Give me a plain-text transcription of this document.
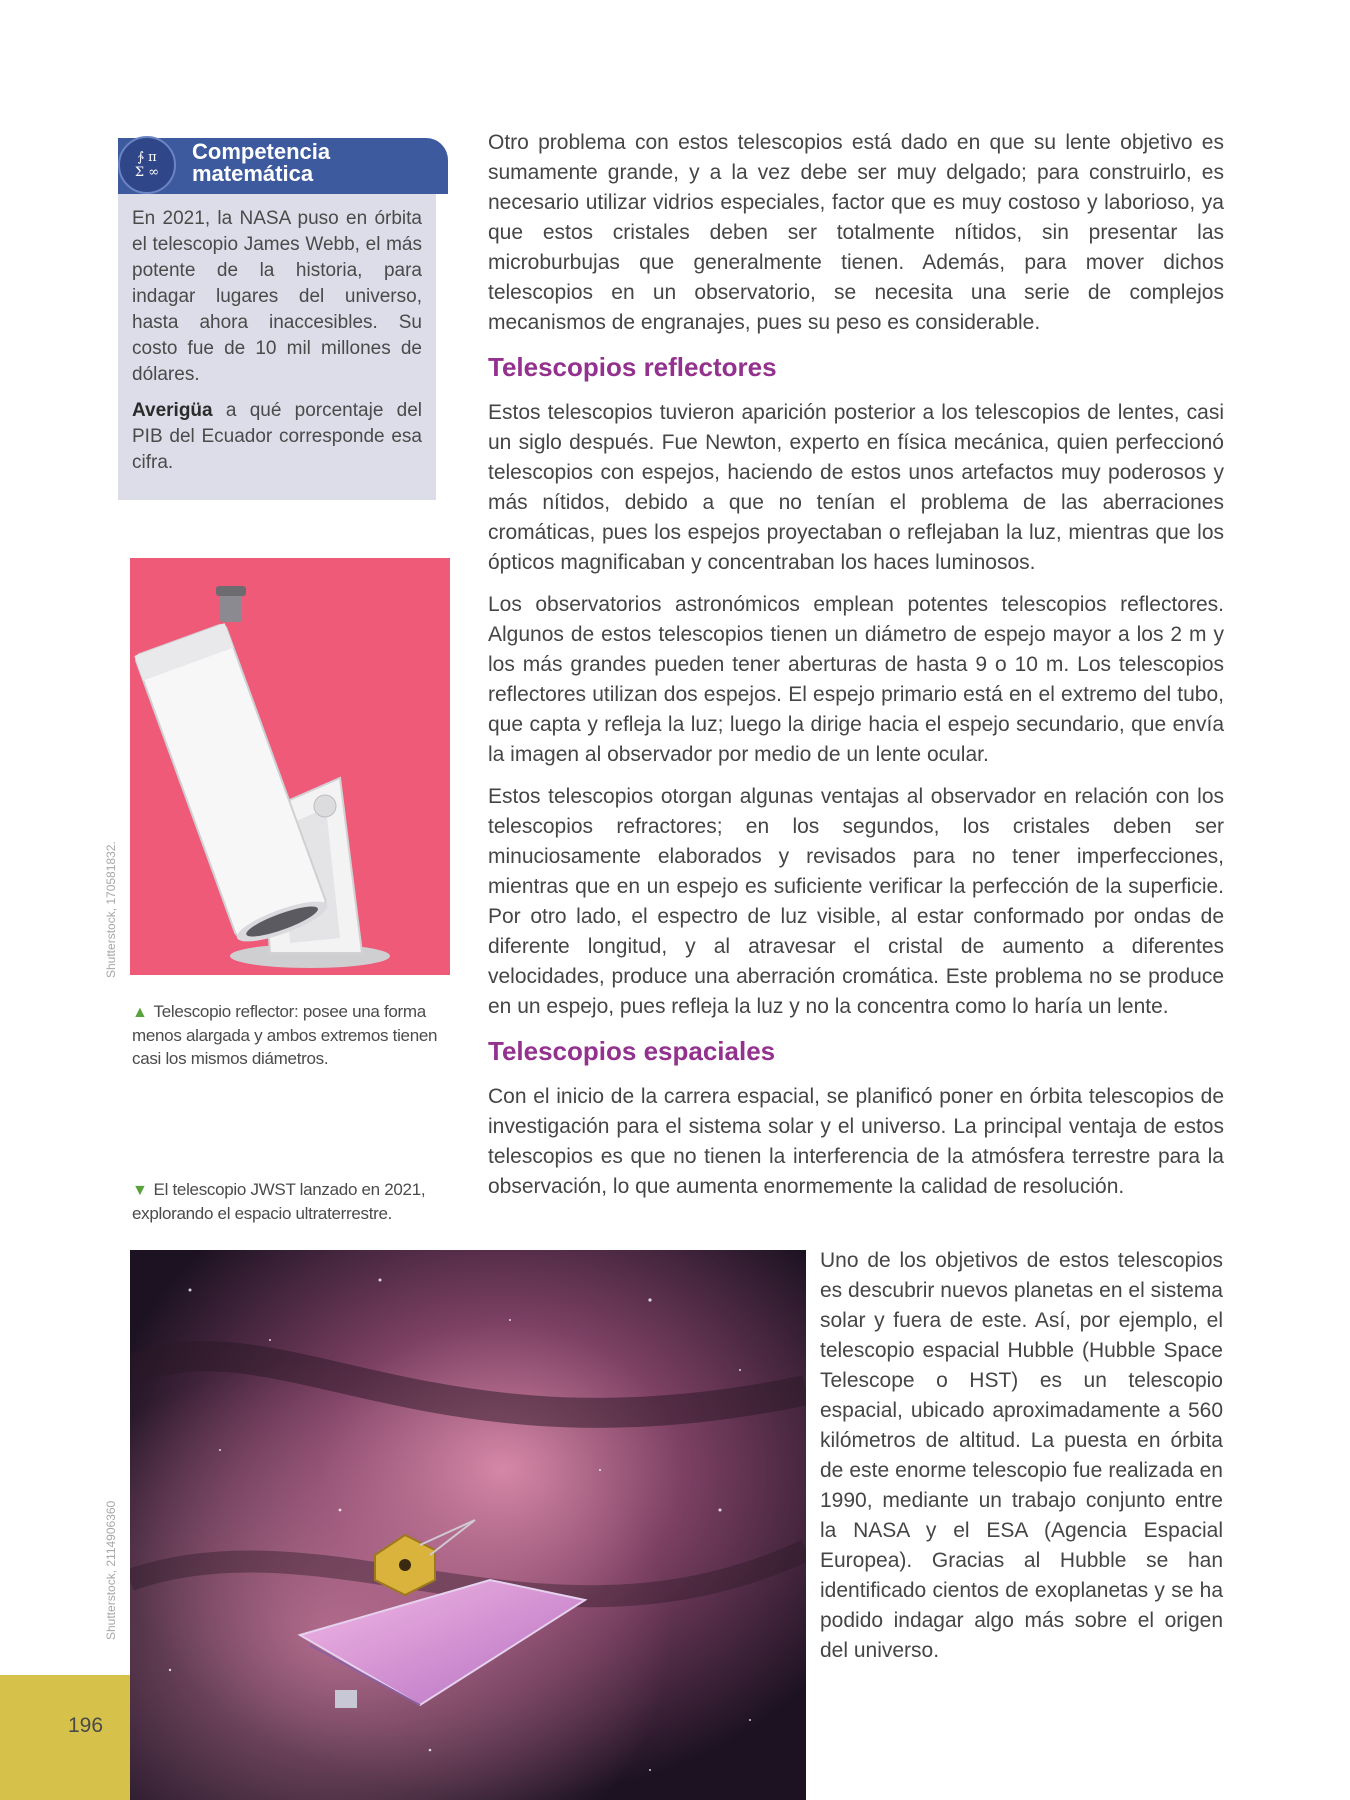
∱ π
Σ ∞
Competencia
matemática

En 2021, la NASA puso en órbita el telescopio James Webb, el más potente de la historia, para indagar lugares del universo, hasta ahora inaccesibles. Su costo fue de 10 mil millones de dólares.

Averigüa a qué porcentaje del PIB del Ecuador corresponde esa cifra.

Shutterstock, 170581832.
Shutterstock, 2114906360
▲ Telescopio reflector: posee una forma menos alargada y ambos extremos tienen casi los mismos diámetros.
▼ El telescopio JWST lanzado en 2021, explorando el espacio ultraterrestre.

Otro problema con estos telescopios está dado en que su lente objetivo es sumamente grande, y a la vez debe ser muy delgado; para construirlo, es necesario utilizar vidrios especiales, factor que es muy costoso y laborioso, ya que estos cristales deben ser totalmente nítidos, sin presentar las microburbujas que generalmente tienen. Además, para mover dichos telescopios en un observatorio, se necesita una serie de complejos mecanismos de engranajes, pues su peso es considerable.

Telescopios reflectores

Estos telescopios tuvieron aparición posterior a los telescopios de lentes, casi un siglo después. Fue Newton, experto en física mecánica, quien perfeccionó telescopios con espejos, haciendo de estos unos artefactos muy poderosos y más nítidos, debido a que no tenían el problema de las aberraciones cromáticas, pues los espejos proyectaban o reflejaban la luz, mientras que los ópticos magnificaban y concentraban los haces luminosos.

Los observatorios astronómicos emplean potentes telescopios reflectores. Algunos de estos telescopios tienen un diámetro de espejo mayor a los 2 m y los más grandes pueden tener aberturas de hasta 9 o 10 m. Los telescopios reflectores utilizan dos espejos. El espejo primario está en el extremo del tubo, que capta y refleja la luz; luego la dirige hacia el espejo secundario, que envía la imagen al observador por medio de un lente ocular.

Estos telescopios otorgan algunas ventajas al observador en relación con los telescopios refractores; en los segundos, los cristales deben ser minuciosamente elaborados y revisados para no tener imperfecciones, mientras que en un espejo es suficiente verificar la perfección de la superficie. Por otro lado, el espectro de luz visible, al estar conformado por ondas de diferente longitud, y al atravesar el cristal de aumento a diferentes velocidades, produce una aberración cromática. Este problema no se produce en un espejo, pues refleja la luz y no la concentra como lo haría un lente.

Telescopios espaciales

Con el inicio de la carrera espacial, se planificó poner en órbita telescopios de investigación para el sistema solar y el universo. La principal ventaja de estos telescopios es que no tienen la interferencia de la atmósfera terrestre para la observación, lo que aumenta enormemente la calidad de resolución.

Uno de los objetivos de estos telescopios es descubrir nuevos planetas en el sistema solar y fuera de este. Así, por ejemplo, el telescopio espacial Hubble (Hubble Space Telescope o HST) es un telescopio espacial, ubicado aproximadamente a 560 kilómetros de altitud. La puesta en órbita de este enorme telescopio fue realizada en 1990, mediante un trabajo conjunto entre la NASA y el ESA (Agencia Espacial Europea). Gracias al Hubble se han identificado cientos de exoplanetas y se ha podido indagar algo más sobre el origen del universo.
196
